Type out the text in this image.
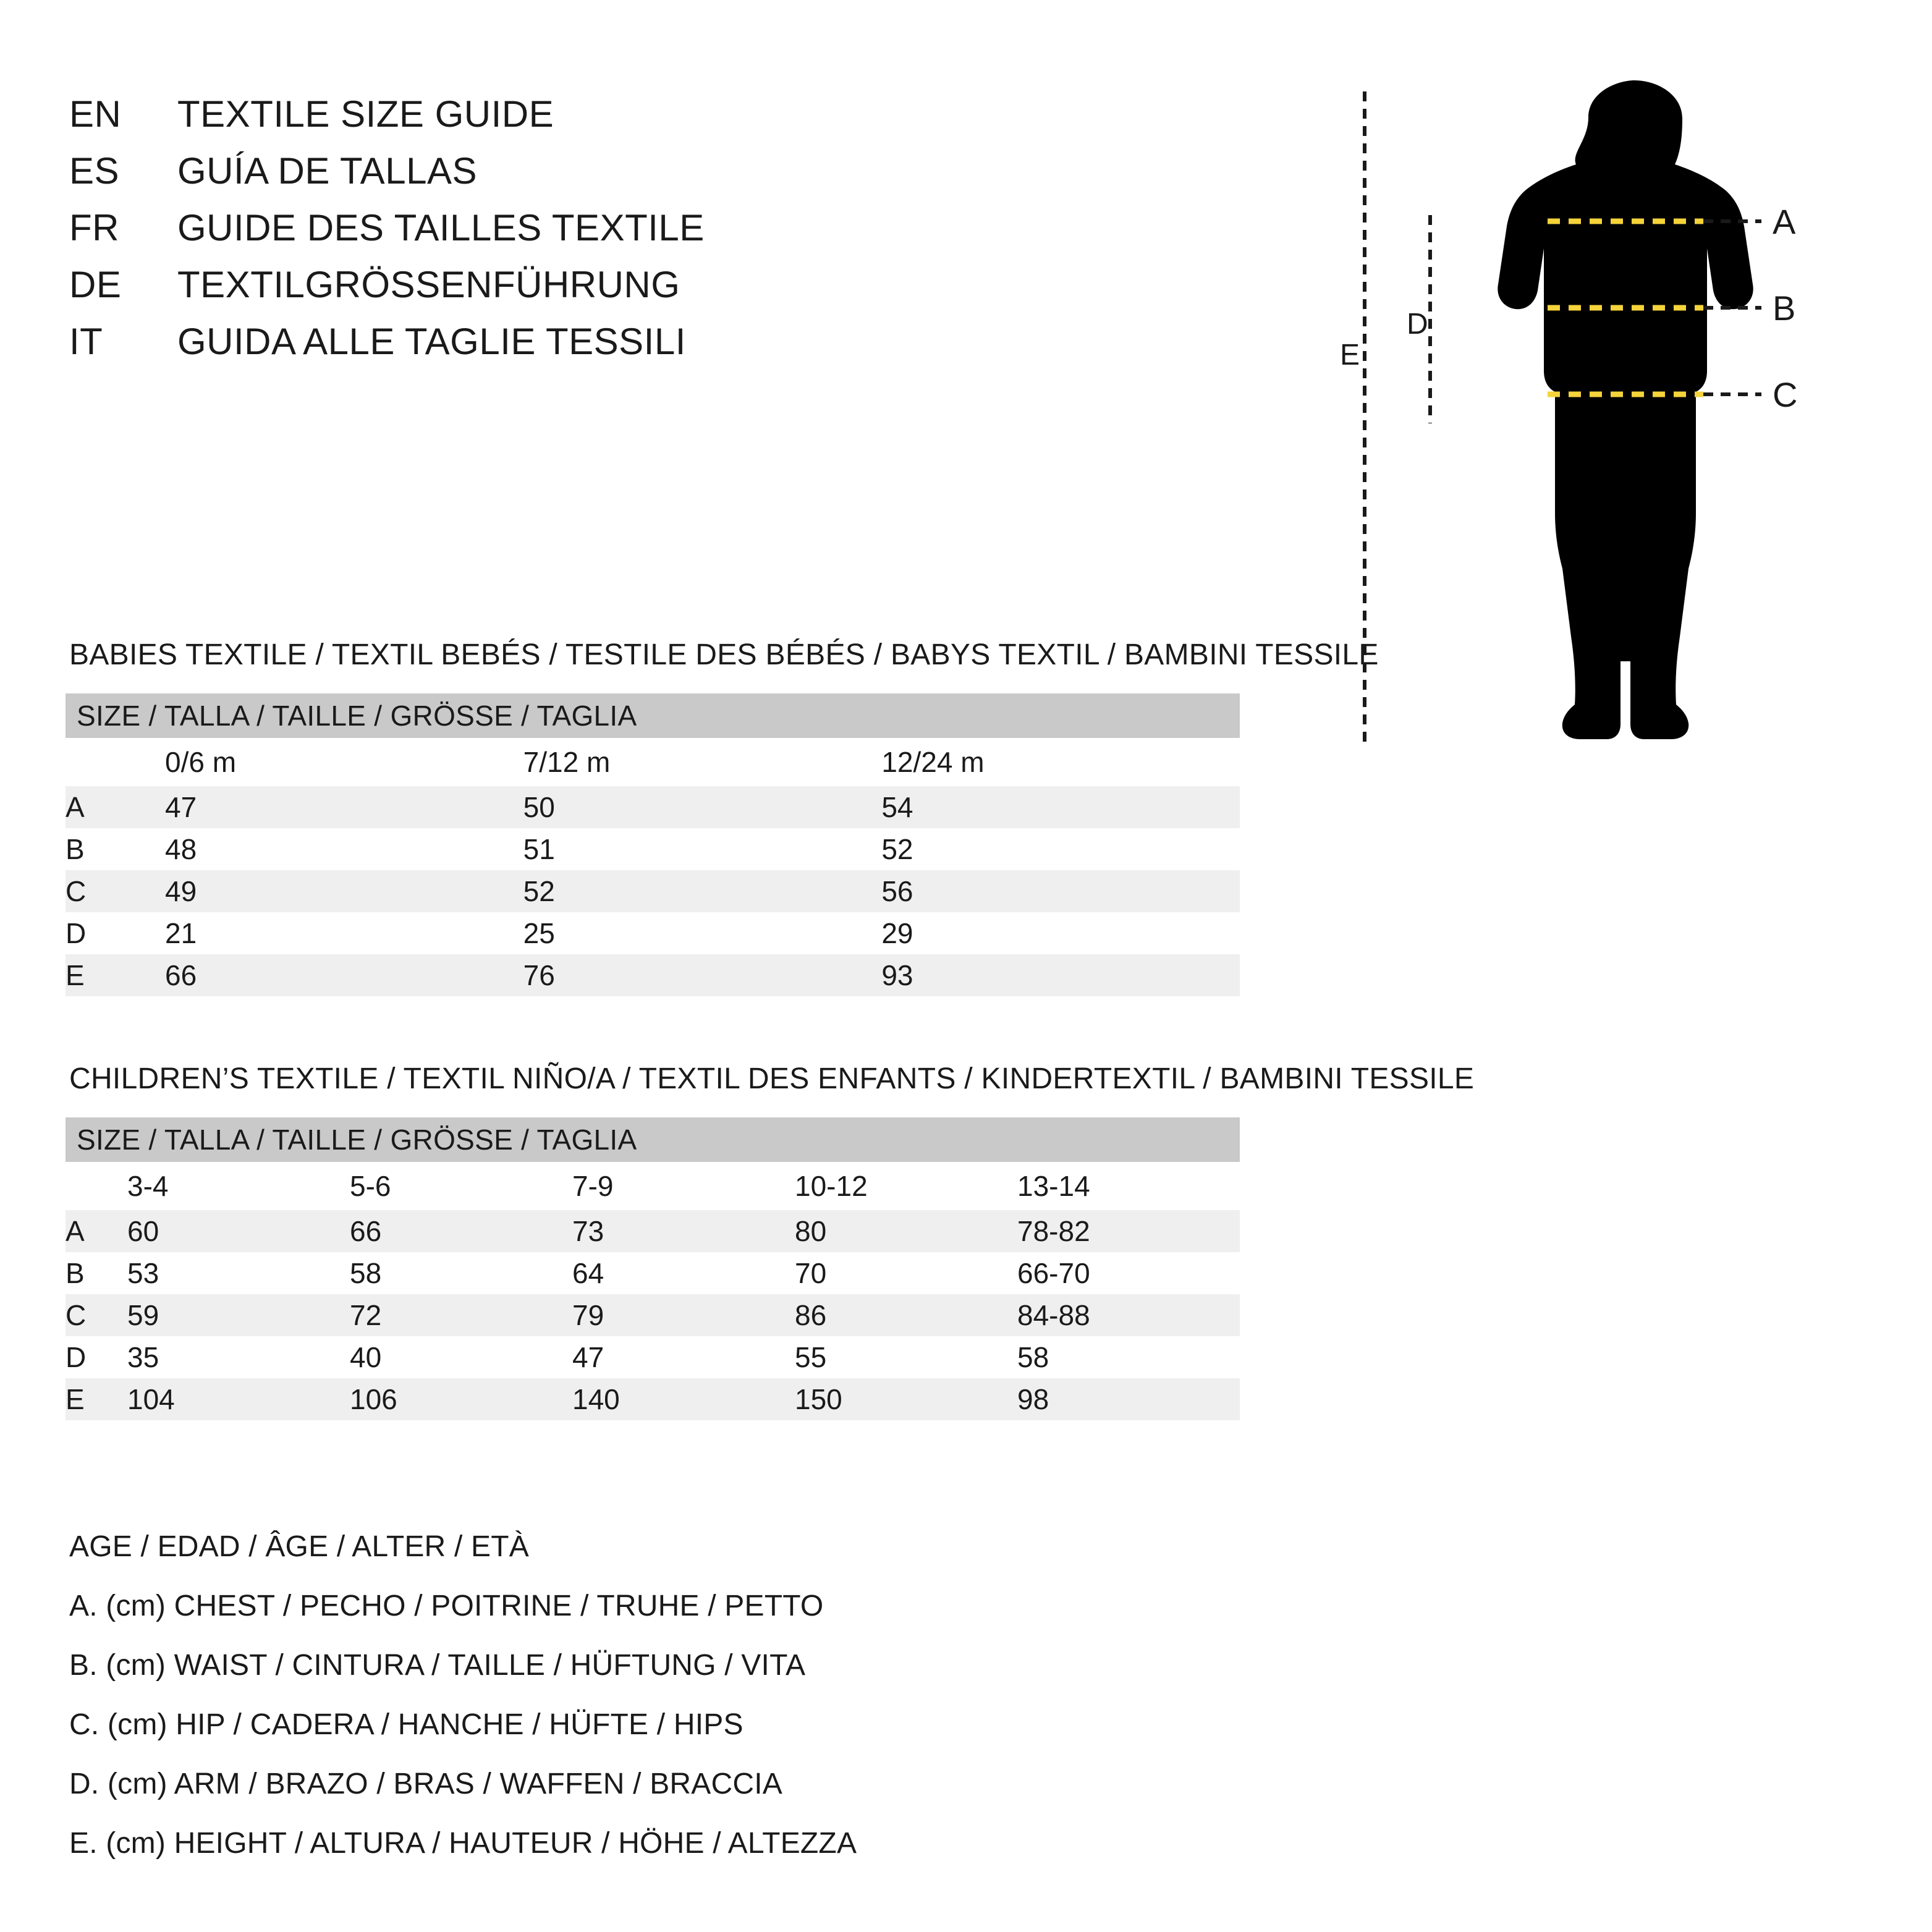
EN	TEXTILE SIZE GUIDE
ES	GUÍA DE TALLAS
FR	GUIDE DES TAILLES TEXTILE
DE	TEXTILGRÖSSENFÜHRUNG
IT	GUIDA ALLE TAGLIE TESSILI
A
B
C
D
E
BABIES TEXTILE / TEXTIL BEBÉS / TESTILE DES BÉBÉS / BABYS TEXTIL / BAMBINI TESSILE
SIZE / TALLA / TAILLE / GRÖSSE / TAGLIA			
	0/6 m	7/12 m	12/24 m
A	47	50	54
B	48	51	52
C	49	52	56
D	21	25	29
E	66	76	93
CHILDREN’S TEXTILE / TEXTIL NIÑO/A / TEXTIL DES ENFANTS / KINDERTEXTIL / BAMBINI TESSILE
SIZE / TALLA / TAILLE / GRÖSSE / TAGLIA					
	3-4	5-6	7-9	10-12	13-14
A	60	66	73	80	78-82
B	53	58	64	70	66-70
C	59	72	79	86	84-88
D	35	40	47	55	58
E	104	106	140	150	98
AGE / EDAD / ÂGE / ALTER / ETÀ
A. (cm) CHEST / PECHO / POITRINE / TRUHE / PETTO
B. (cm) WAIST / CINTURA / TAILLE / HÜFTUNG / VITA
C. (cm) HIP / CADERA / HANCHE / HÜFTE / HIPS
D. (cm) ARM / BRAZO / BRAS / WAFFEN / BRACCIA
E. (cm) HEIGHT / ALTURA / HAUTEUR / HÖHE / ALTEZZA
